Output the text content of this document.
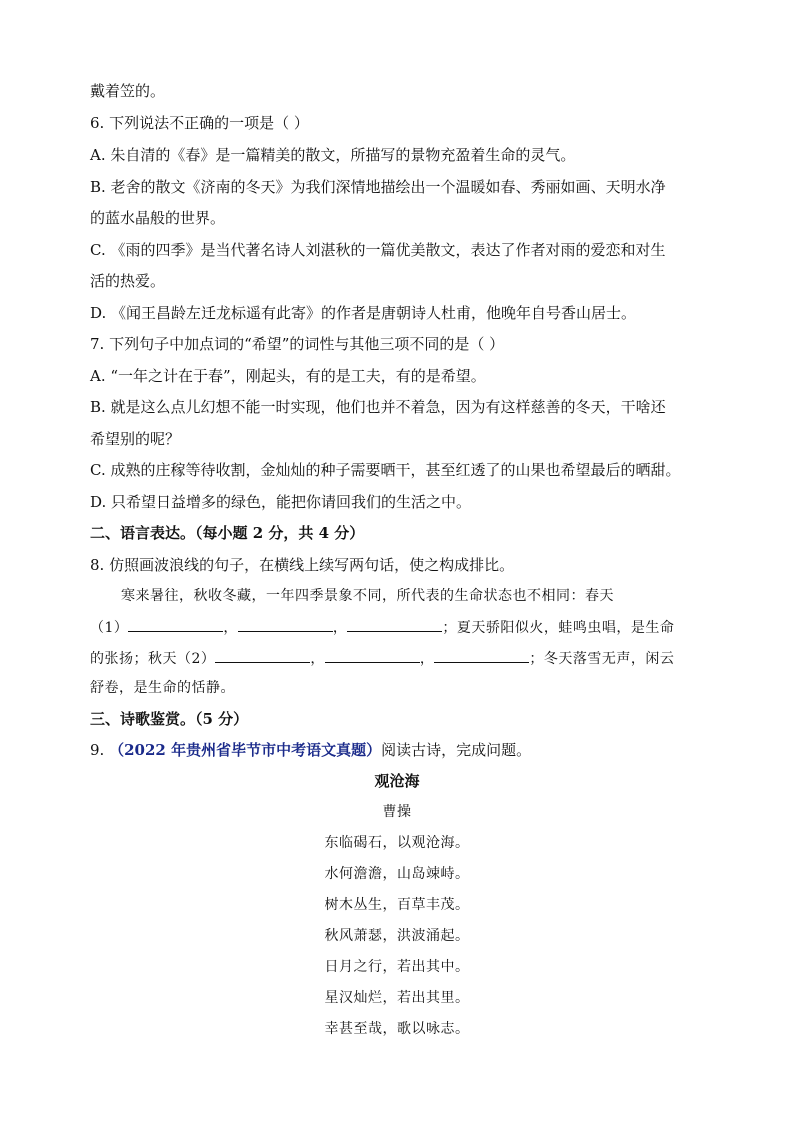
戴着笠的。
6. 下列说法不正确的一项是（ ）
A. 朱自清的《春》是一篇精美的散文，所描写的景物充盈着生命的灵气。
B. 老舍的散文《济南的冬天》为我们深情地描绘出一个温暖如春、秀丽如画、天明水净
的蓝水晶般的世界。
C. 《雨的四季》是当代著名诗人刘湛秋的一篇优美散文，表达了作者对雨的爱恋和对生
活的热爱。
D. 《闻王昌龄左迁龙标遥有此寄》的作者是唐朝诗人杜甫，他晚年自号香山居士。
7. 下列句子中加点词的“希望”的词性与其他三项不同的是（ ）
A. “一年之计在于春”，刚起头，有的是工夫，有的是希望。
B. 就是这么点儿幻想不能一时实现，他们也并不着急，因为有这样慈善的冬天，干啥还
希望别的呢？
C. 成熟的庄稼等待收割，金灿灿的种子需要晒干，甚至红透了的山果也希望最后的晒甜。
D. 只希望日益增多的绿色，能把你请回我们的生活之中。
二、语言表达。（每小题 2 分，共 4 分）
8. 仿照画波浪线的句子，在横线上续写两句话，使之构成排比。
寒来暑往，秋收冬藏，一年四季景象不同，所代表的生命状态也不相同：春天
（1）	，	，	；夏天骄阳似火，蛙鸣虫唱，是生命
的张扬；秋天（2）	，	，	；冬天落雪无声，闲云
舒卷，是生命的恬静。
三、诗歌鉴赏。（5 分）
9. （2022 年贵州省毕节市中考语文真题）阅读古诗，完成问题。
观沧海
曹操
东临碣石，以观沧海。
水何澹澹，山岛竦峙。
树木丛生，百草丰茂。
秋风萧瑟，洪波涌起。
日月之行，若出其中。
星汉灿烂，若出其里。
幸甚至哉，歌以咏志。
